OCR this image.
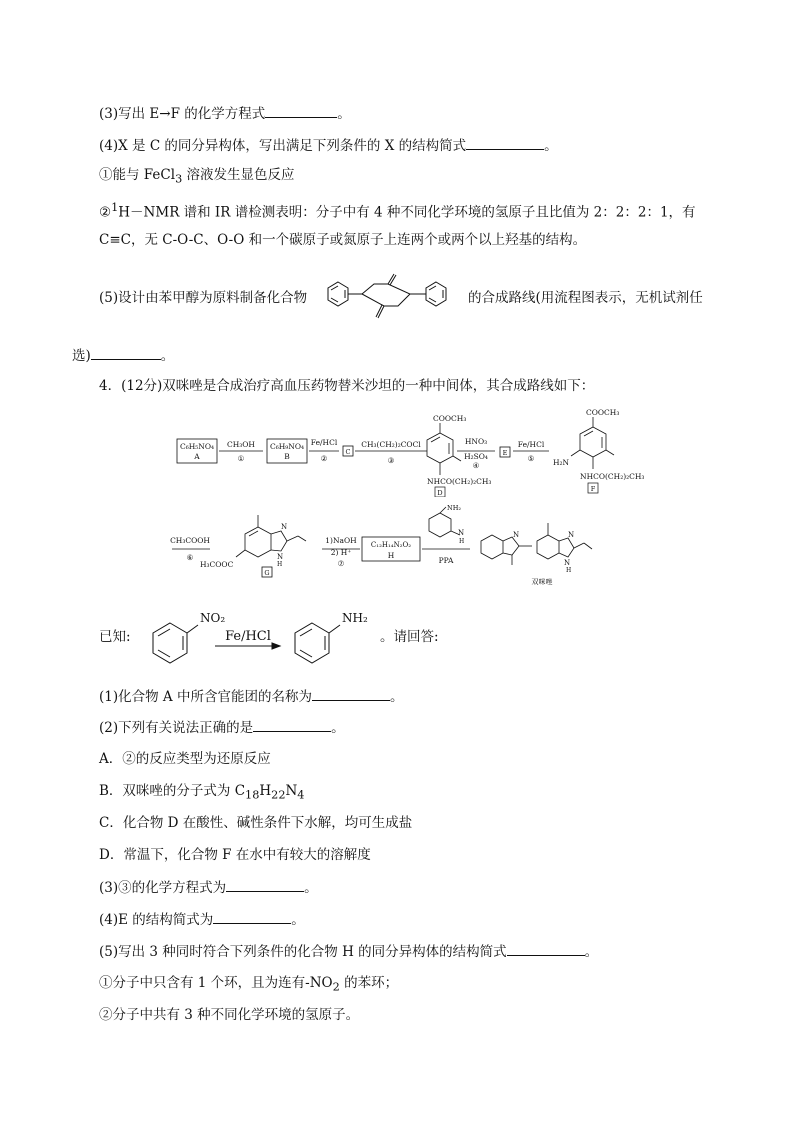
(3)写出 E→F 的化学方程式	。
(4)X 是 C 的同分异构体，写出满足下列条件的 X 的结构简式	。
①能与 FeCl$_3$ 溶液发生显色反应
②$^1$H－NMR 谱和 IR 谱检测表明：分子中有 4 种不同化学环境的氢原子且比值为 2：2：2：1，有
C≡C，无 C-O-C、O-O 和一个碳原子或氮原子上连两个或两个以上羟基的结构。
(5)设计由苯甲醇为原料制备化合物	的合成路线(用流程图表示，无机试剂任
选)	。
4．(12分)双咪唑是合成治疗高血压药物替米沙坦的一种中间体，其合成路线如下：
C₆H₅NO₄
A
C₆H₉NO₄
B	C	E
CH₃OH
①
Fe/HCl
②
CH₃(CH₂)₂COCl
③
HNO₃
H₂SO₄
④
Fe/HCl
⑤
COOCH₃
NHCO(CH₂)₂CH₃
D
COOCH₃
H₂N
NHCO(CH₂)₂CH₃
F
CH₃COOH
⑥
H₃COOC
N
N
H
G
1)NaOH
2) H⁺
⑦
C₁₂H₁₄N₂O₂
H
NH₂
N
H
PPA
N	N
N
H
双咪唑
已知:
NO₂
Fe/HCl
NH₂
。请回答:
(1)化合物 A 中所含官能团的名称为	。
(2)下列有关说法正确的是	。
A．②的反应类型为还原反应
B．双咪唑的分子式为 $C_{18}H_{22}N_4$
C．化合物 D 在酸性、碱性条件下水解，均可生成盐
D．常温下，化合物 F 在水中有较大的溶解度
(3)③的化学方程式为	。
(4)E 的结构简式为	。
(5)写出 3 种同时符合下列条件的化合物 H 的同分异构体的结构简式	。
①分子中只含有 1 个环，且为连有$-NO_2$ 的苯环；
②分子中共有 3 种不同化学环境的氢原子。
